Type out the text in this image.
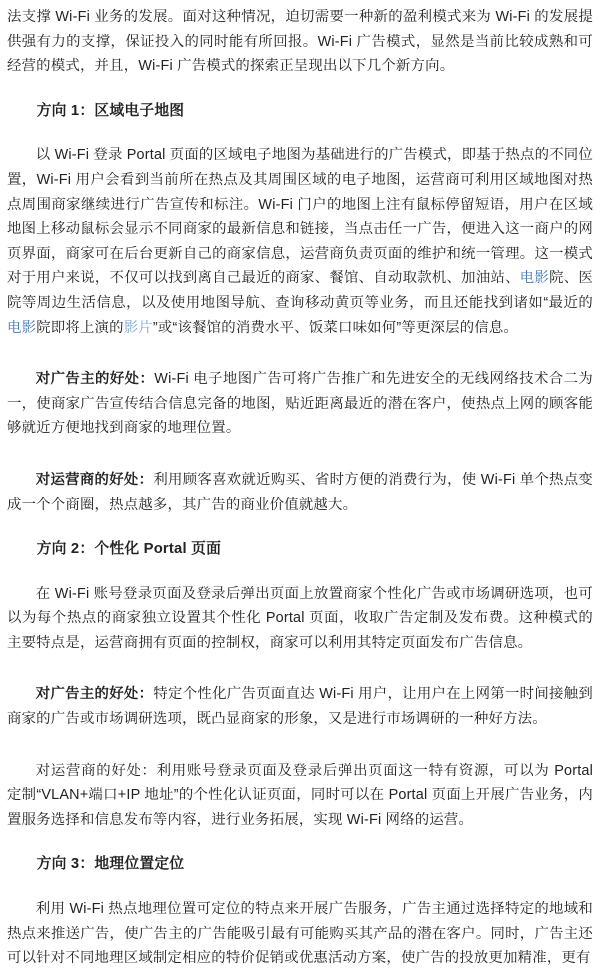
法支撑 Wi-Fi 业务的发展。面对这种情况，迫切需要一种新的盈利模式来为 Wi-Fi 的发展提供强有力的支撑，保证投入的同时能有所回报。Wi-Fi 广告模式，显然是当前比较成熟和可经营的模式，并且，Wi-Fi 广告模式的探索正呈现出以下几个新方向。

方向 1：区域电子地图

以 Wi-Fi 登录 Portal 页面的区域电子地图为基础进行的广告模式，即基于热点的不同位置，Wi-Fi 用户会看到当前所在热点及其周围区域的电子地图，运营商可利用区域地图对热点周围商家继续进行广告宣传和标注。Wi-Fi 门户的地图上注有鼠标停留短语，用户在区域地图上移动鼠标会显示不同商家的最新信息和链接，当点击任一广告，便进入这一商户的网页界面，商家可在后台更新自己的商家信息，运营商负责页面的维护和统一管理。这一模式对于用户来说，不仅可以找到离自己最近的商家、餐馆、自动取款机、加油站、电影院、医院等周边生活信息，以及使用地图导航、查询移动黄页等业务，而且还能找到诸如“最近的电影院即将上演的影片”或“该餐馆的消费水平、饭菜口味如何”等更深层的信息。

对广告主的好处：Wi-Fi 电子地图广告可将广告推广和先进安全的无线网络技术合二为一，使商家广告宣传结合信息完备的地图，贴近距离最近的潜在客户，使热点上网的顾客能够就近方便地找到商家的地理位置。

对运营商的好处：利用顾客喜欢就近购买、省时方便的消费行为，使 Wi-Fi 单个热点变成一个个商圈，热点越多，其广告的商业价值就越大。

方向 2：个性化 Portal 页面

在 Wi-Fi 账号登录页面及登录后弹出页面上放置商家个性化广告或市场调研选项，也可以为每个热点的商家独立设置其个性化 Portal 页面，收取广告定制及发布费。这种模式的主要特点是，运营商拥有页面的控制权，商家可以利用其特定页面发布广告信息。

对广告主的好处：特定个性化广告页面直达 Wi-Fi 用户，让用户在上网第一时间接触到商家的广告或市场调研选项，既凸显商家的形象，又是进行市场调研的一种好方法。

对运营商的好处：利用账号登录页面及登录后弹出页面这一特有资源，可以为 Portal 定制“VLAN+端口+IP 地址”的个性化认证页面，同时可以在 Portal 页面上开展广告业务，内置服务选择和信息发布等内容，进行业务拓展，实现 Wi-Fi 网络的运营。

方向 3：地理位置定位

利用 Wi-Fi 热点地理位置可定位的特点来开展广告服务，广告主通过选择特定的地域和热点来推送广告，使广告主的广告能吸引最有可能购买其产品的潜在客户。同时，广告主还可以针对不同地理区域制定相应的特价促销或优惠活动方案，使广告的投放更加精准，更有
